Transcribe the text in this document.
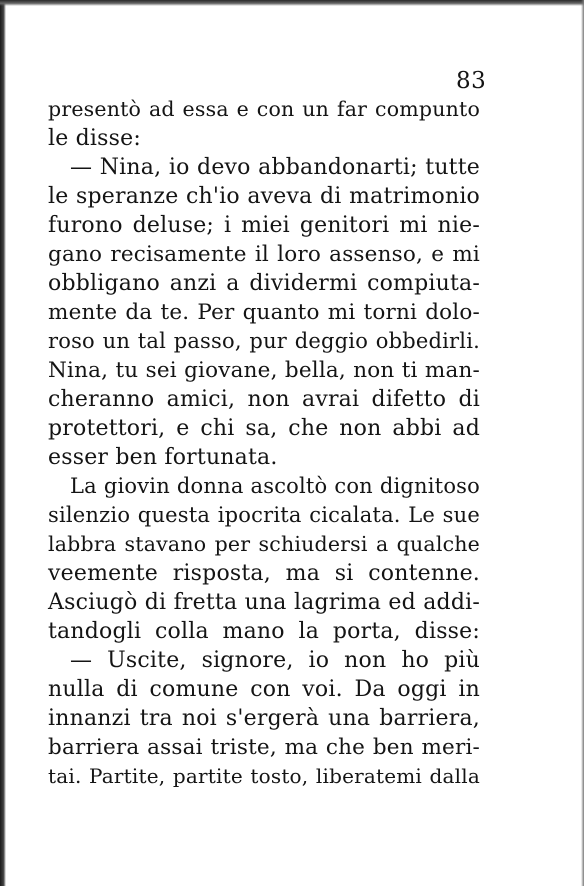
83
presentò ad essa e con un far compunto
le disse:
— Nina, io devo abbandonarti; tutte
le speranze ch'io aveva di matrimonio
furono deluse; i miei genitori mi nie-
gano recisamente il loro assenso, e mi
obbligano anzi a dividermi compiuta-
mente da te. Per quanto mi torni dolo-
roso un tal passo, pur deggio obbedirli.
Nina, tu sei giovane, bella, non ti man-
cheranno amici, non avrai difetto di
protettori, e chi sa, che non abbi ad
esser ben fortunata.
La giovin donna ascoltò con dignitoso
silenzio questa ipocrita cicalata. Le sue
labbra stavano per schiudersi a qualche
veemente risposta, ma si contenne.
Asciugò di fretta una lagrima ed addi-
tandogli colla mano la porta, disse:
— Uscite, signore, io non ho più
nulla di comune con voi. Da oggi in
innanzi tra noi s'ergerà una barriera,
barriera assai triste, ma che ben meri-
tai. Partite, partite tosto, liberatemi dalla
